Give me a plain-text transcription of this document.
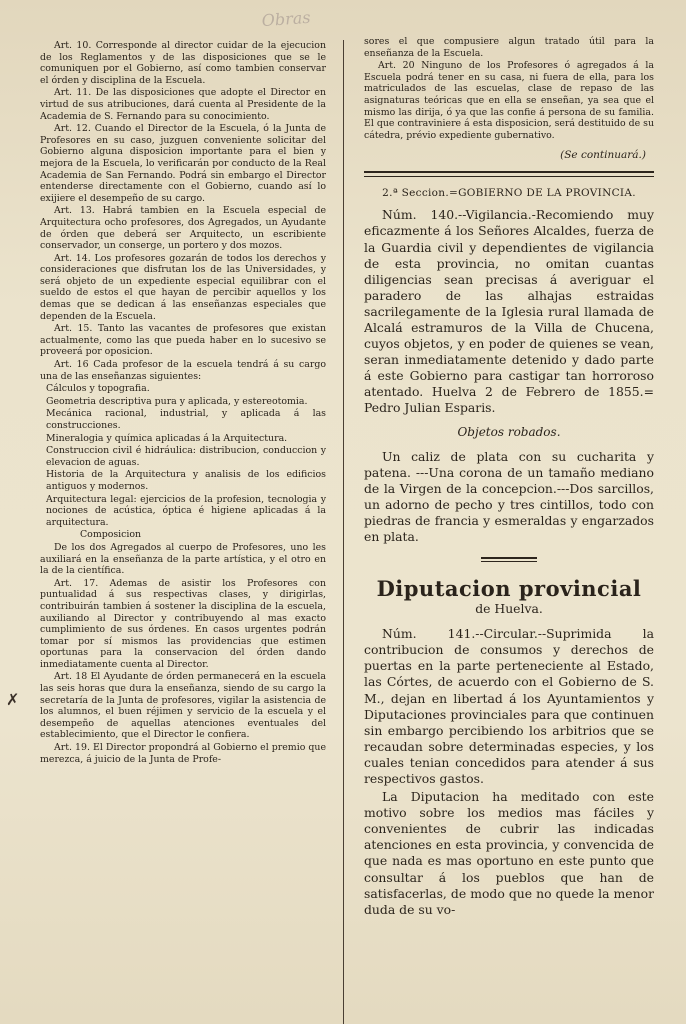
Obras
✗

Art. 10. Corresponde al director cuidar de la ejecucion de los Reglamentos y de las disposiciones que se le comuniquen por el Gobierno, así como tambien conservar el órden y disciplina de la Escuela.

Art. 11. De las disposiciones que adopte el Director en virtud de sus atribuciones, dará cuenta al Presidente de la Academia de S. Fernando para su conocimiento.

Art. 12. Cuando el Director de la Escuela, ó la Junta de Profesores en su caso, juzguen conveniente solicitar del Gobierno alguna disposicion importante para el bien y mejora de la Escuela, lo verificarán por conducto de la Real Academia de San Fernando. Podrá sin embargo el Director entenderse directamente con el Gobierno, cuando así lo exijiere el desempeño de su cargo.

Art. 13. Habrá tambien en la Escuela especial de Arquitectura ocho profesores, dos Agregados, un Ayudante de órden que deberá ser Arquitecto, un escribiente conservador, un conserge, un portero y dos mozos.

Art. 14. Los profesores gozarán de todos los derechos y consideraciones que disfrutan los de las Universidades, y será objeto de un expediente especial equilibrar con el sueldo de estos el que hayan de percibir aquellos y los demas que se dedican á las enseñanzas especiales que dependen de la Escuela.

Art. 15. Tanto las vacantes de profesores que existan actualmente, como las que pueda haber en lo sucesivo se proveerá por oposicion.

Art. 16 Cada profesor de la escuela tendrá á su cargo una de las enseñanzas siguientes:

Cálculos y topografia.

Geometria descriptiva pura y aplicada, y estereotomia.

Mecánica racional, industrial, y aplicada á las construcciones.

Mineralogia y química aplicadas á la Arquitectura.

Construccion civil é hidráulica: distribucion, conduccion y elevacion de aguas.

Historia de la Arquitectura y analisis de los edificios antiguos y modernos.

Arquitectura legal: ejercicios de la profesion, tecnologia y nociones de acústica, óptica é higiene aplicadas á la arquitectura.

Composicion

De los dos Agregados al cuerpo de Profesores, uno les auxiliará en la enseñanza de la parte artística, y el otro en la de la científica.

Art. 17. Ademas de asistir los Profesores con puntualidad á sus respectivas clases, y dirigirlas, contribuirán tambien á sostener la disciplina de la escuela, auxiliando al Director y contribuyendo al mas exacto cumplimiento de sus órdenes. En casos urgentes podrán tomar por sí mismos las providencias que estimen oportunas para la conservacion del órden dando inmediatamente cuenta al Director.

Art. 18 El Ayudante de órden permanecerá en la escuela las seis horas que dura la enseñanza, siendo de su cargo la secretaría de la Junta de profesores, vigilar la asistencia de los alumnos, el buen réjimen y servicio de la escuela y el desempeño de aquellas atenciones eventuales del establecimiento, que el Director le confiera.

Art. 19. El Director propondrá al Gobierno el premio que merezca, á juicio de la Junta de Profe-

sores el que compusiere algun tratado útil para la enseñanza de la Escuela.

Art. 20 Ninguno de los Profesores ó agregados á la Escuela podrá tener en su casa, ni fuera de ella, para los matriculados de las escuelas, clase de repaso de las asignaturas teóricas que en ella se enseñan, ya sea que el mismo las dirija, ó ya que las confie á persona de su familia. El que contraviniere á esta disposicion, será destituido de su cátedra, prévio expediente gubernativo.

(Se continuará.)
2.ª Seccion.=GOBIERNO DE LA PROVINCIA.

Núm. 140.--Vigilancia.-Recomiendo muy eficazmente á los Señores Alcaldes, fuerza de la Guardia civil y dependientes de vigilancia de esta provincia, no omitan cuantas diligencias sean precisas á averiguar el paradero de las alhajas estraidas sacrilegamente de la Iglesia rural llamada de Alcalá estramuros de la Villa de Chucena, cuyos objetos, y en poder de quienes se vean, seran inmediatamente detenido y dado parte á este Gobierno para castigar tan horroroso atentado. Huelva 2 de Febrero de 1855.= Pedro Julian Esparis.

Objetos robados.

Un caliz de plata con su cucharita y patena. ---Una corona de un tamaño mediano de la Virgen de la concepcion.---Dos sarcillos, un adorno de pecho y tres cintillos, todo con piedras de francia y esmeraldas y engarzados en plata.

Diputacion provincial
de Huelva.

Núm. 141.--Circular.--Suprimida la contribucion de consumos y derechos de puertas en la parte perteneciente al Estado, las Córtes, de acuerdo con el Gobierno de S. M., dejan en libertad á los Ayuntamientos y Diputaciones provinciales para que continuen sin embargo percibiendo los arbitrios que se recaudan sobre determinadas especies, y los cuales tenian concedidos para atender á sus respectivos gastos.

La Diputacion ha meditado con este motivo sobre los medios mas fáciles y convenientes de cubrir las indicadas atenciones en esta provincia, y convencida de que nada es mas oportuno en este punto que consultar á los pueblos que han de satisfacerlas, de modo que no quede la menor duda de su vo-
